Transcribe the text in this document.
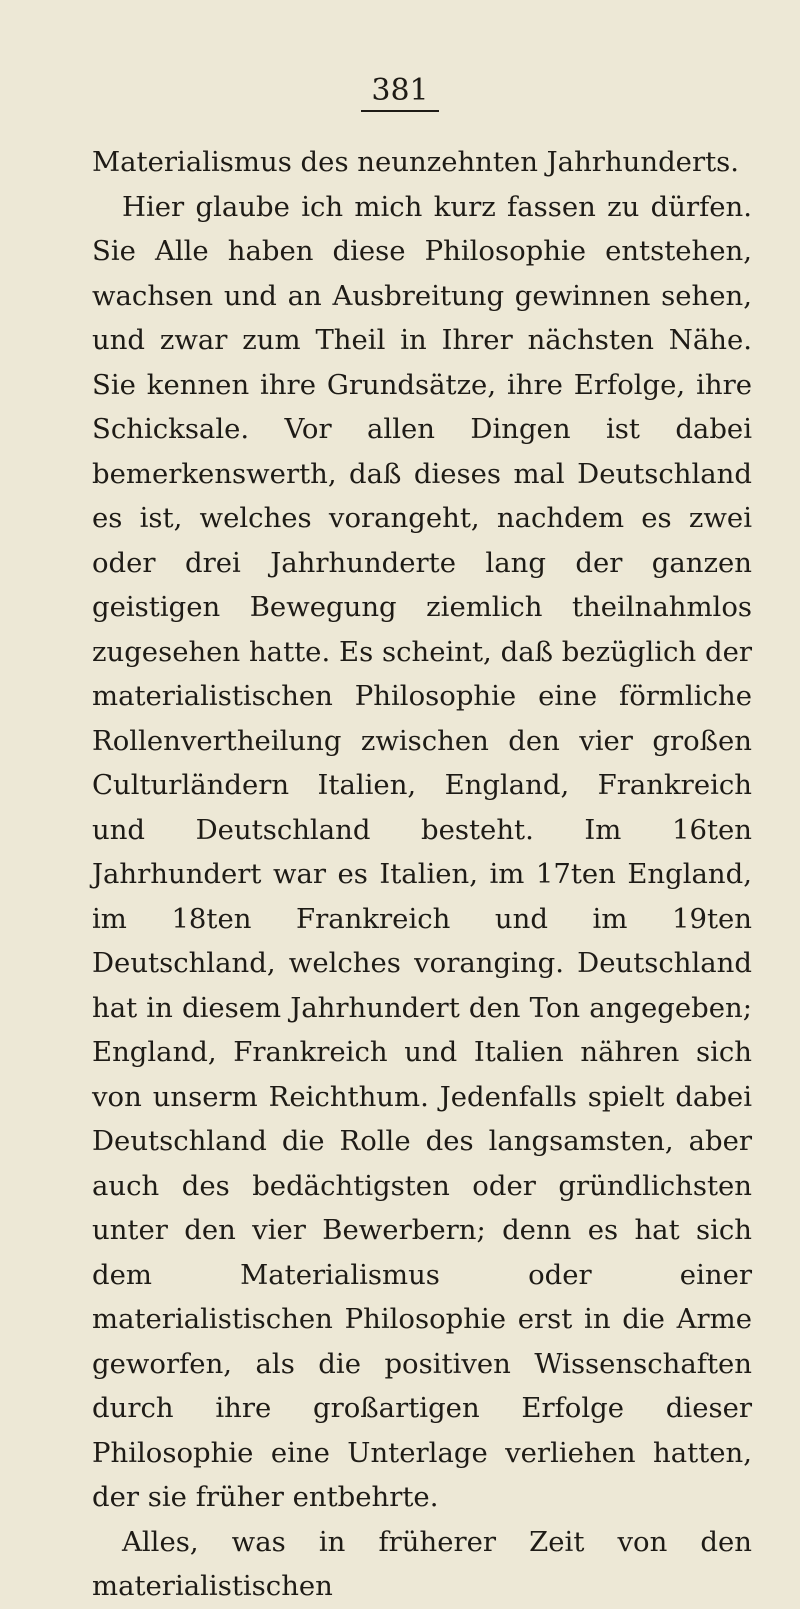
381
Materialismus des neunzehnten Jahrhunderts.

Hier glaube ich mich kurz fassen zu dürfen. Sie Alle haben diese Philosophie entstehen, wachsen und an Ausbreitung gewinnen sehen, und zwar zum Theil in Ihrer nächsten Nähe. Sie kennen ihre Grundsätze, ihre Erfolge, ihre Schicksale. Vor allen Dingen ist dabei bemerkenswerth, daß dieses mal Deutschland es ist, welches vorangeht, nachdem es zwei oder drei Jahrhunderte lang der ganzen geistigen Bewegung ziemlich theilnahmlos zugesehen hatte. Es scheint, daß bezüglich der materialistischen Philosophie eine förmliche Rollenvertheilung zwischen den vier großen Culturländern Italien, England, Frankreich und Deutschland besteht. Im 16ten Jahrhundert war es Italien, im 17ten England, im 18ten Frankreich und im 19ten Deutschland, welches voranging. Deutschland hat in diesem Jahrhundert den Ton angegeben; England, Frankreich und Italien nähren sich von unserm Reichthum. Jedenfalls spielt dabei Deutschland die Rolle des langsamsten, aber auch des bedächtigsten oder gründlichsten unter den vier Bewerbern; denn es hat sich dem Materialismus oder einer materialistischen Philosophie erst in die Arme geworfen, als die positiven Wissenschaften durch ihre großartigen Erfolge dieser Philosophie eine Unterlage verliehen hatten, der sie früher entbehrte.

Alles, was in früherer Zeit von den materialistischen
